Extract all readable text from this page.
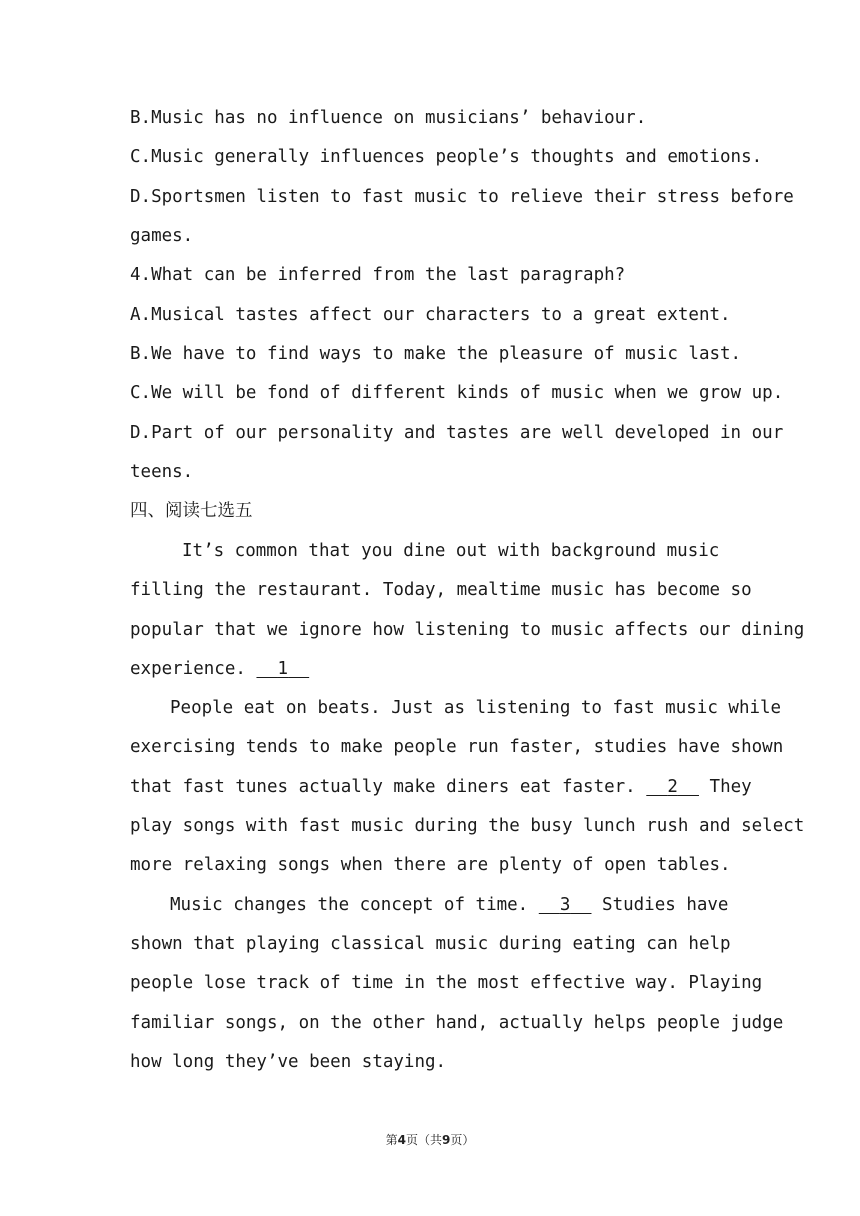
B.Music has no influence on musicians’ behaviour.
C.Music generally influences people’s thoughts and emotions.
D.Sportsmen listen to fast music to relieve their stress before
games.
4.What can be inferred from the last paragraph?
A.Musical tastes affect our characters to a great extent.
B.We have to find ways to make the pleasure of music last.
C.We will be fond of different kinds of music when we grow up.
D.Part of our personality and tastes are well developed in our
teens.
四、阅读七选五
It’s common that you dine out with background music
filling the restaurant. Today, mealtime music has become so
popular that we ignore how listening to music affects our dining
experience. 1
People eat on beats. Just as listening to fast music while
exercising tends to make people run faster, studies have shown
that fast tunes actually make diners eat faster. 2 They
play songs with fast music during the busy lunch rush and select
more relaxing songs when there are plenty of open tables.
Music changes the concept of time. 3 Studies have
shown that playing classical music during eating can help
people lose track of time in the most effective way. Playing
familiar songs, on the other hand, actually helps people judge
how long they’ve been staying.
第4页（共9页）
